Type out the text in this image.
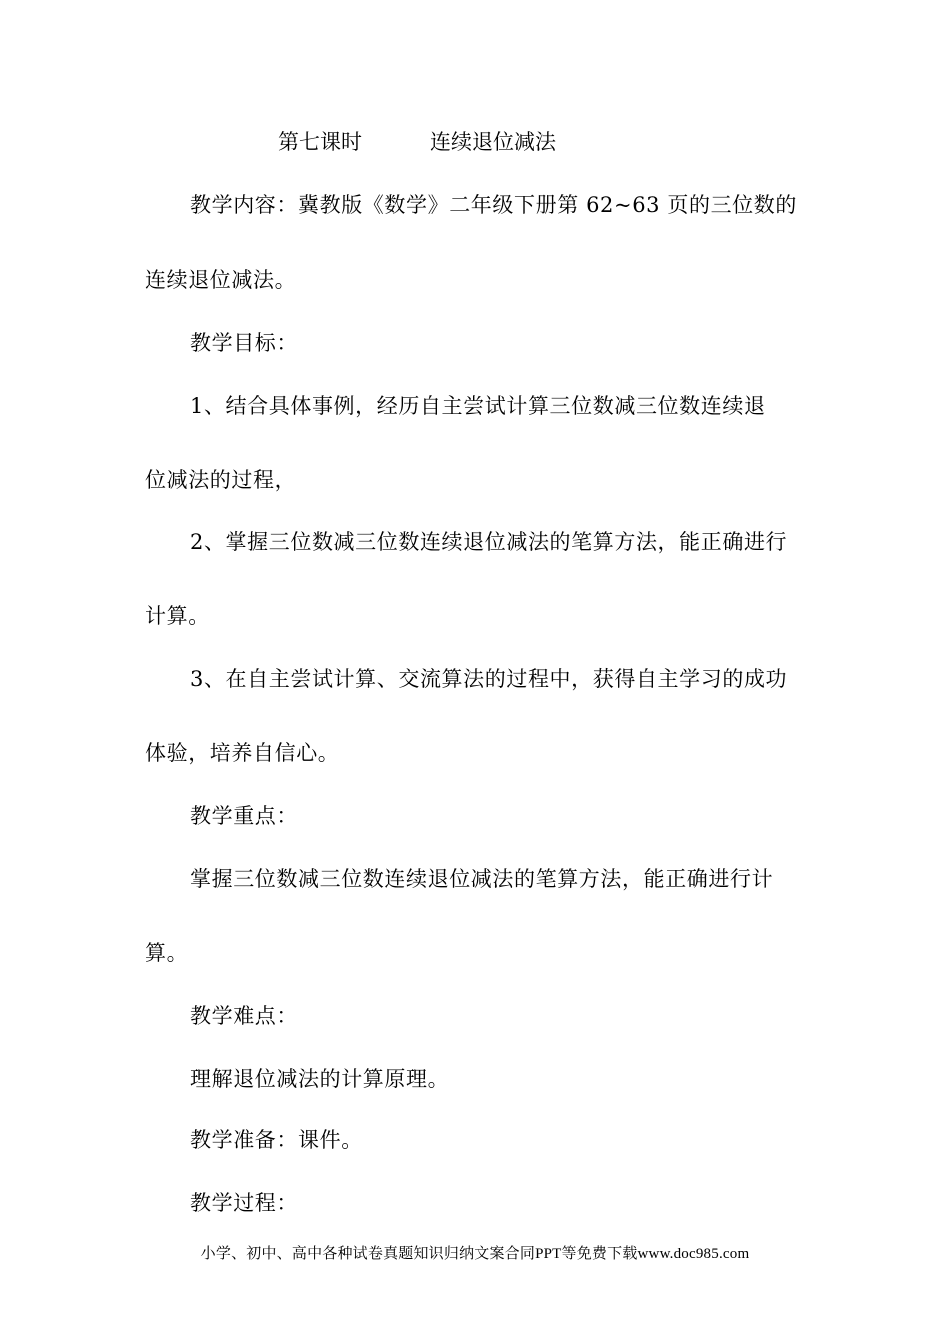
第七课时	连续退位减法
教学内容：冀教版《数学》二年级下册第 62~63 页的三位数的
连续退位减法。
教学目标：
1、结合具体事例，经历自主尝试计算三位数减三位数连续退
位减法的过程，
2、掌握三位数减三位数连续退位减法的笔算方法，能正确进行
计算。
3、在自主尝试计算、交流算法的过程中，获得自主学习的成功
体验，培养自信心。
教学重点：
掌握三位数减三位数连续退位减法的笔算方法，能正确进行计
算。
教学难点：
理解退位减法的计算原理。
教学准备：课件。
教学过程：
小学、初中、高中各种试卷真题知识归纳文案合同PPT等免费下载www.doc985.com
